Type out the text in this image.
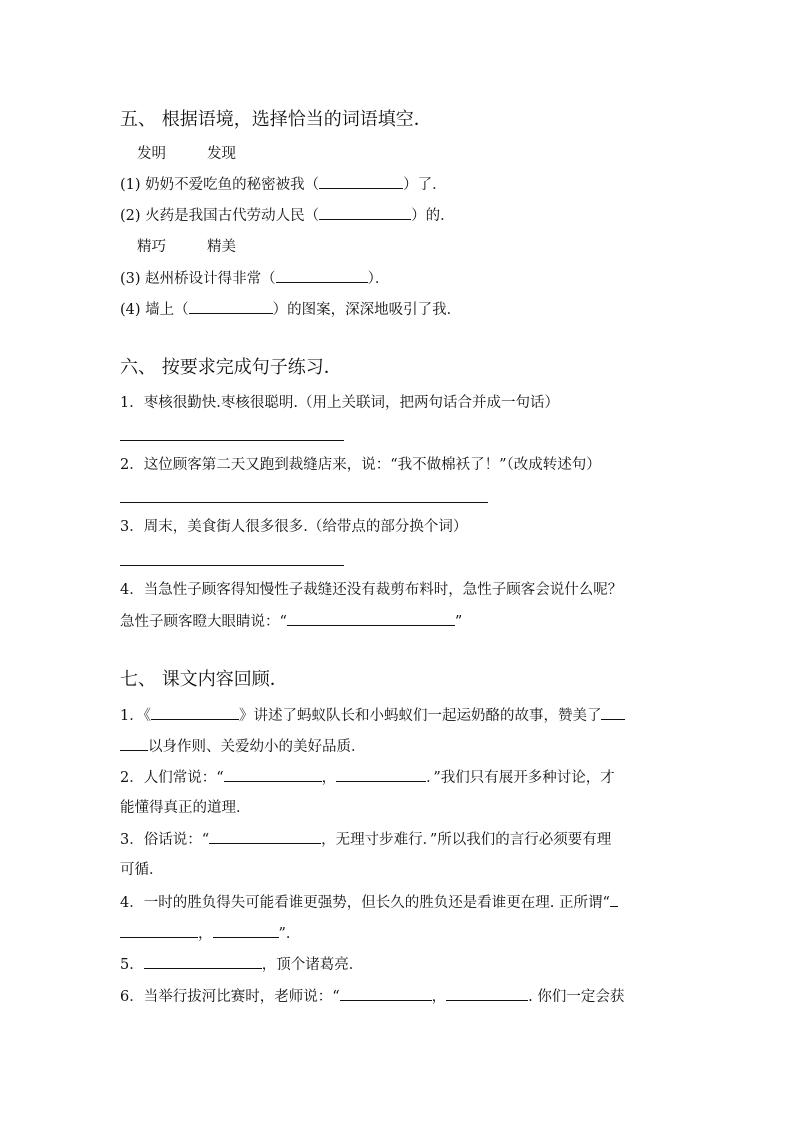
五、 根据语境，选择恰当的词语填空．
发明	发现
(1) 奶奶不爱吃鱼的秘密被我（	）了．
(2) 火药是我国古代劳动人民（	）的．
精巧	精美
(3) 赵州桥设计得非常（	）．
(4) 墙上（	）的图案，深深地吸引了我．
六、 按要求完成句子练习．
1．枣核很勤快.枣核很聪明.（用上关联词，把两句话合并成一句话）
2．这位顾客第二天又跑到裁缝店来，说：“我不做棉袄了！”（改成转述句）
3．周末，美食街人很多很多.（给带点的部分换个词）
4．当急性子顾客得知慢性子裁缝还没有裁剪布料时，急性子顾客会说什么呢？
急性子顾客瞪大眼睛说：“	”
七、 课文内容回顾．
1．《	》讲述了蚂蚁队长和小蚂蚁们一起运奶酪的故事，赞美了
以身作则、关爱幼小的美好品质．
2．人们常说：“	，	．”我们只有展开多种讨论，才
能懂得真正的道理．
3．俗话说：“	，无理寸步难行．”所以我们的言行必须要有理
可循．
4．一时的胜负得失可能看谁更强势，但长久的胜负还是看谁更在理. 正所谓“
，	”．
5．	，顶个诸葛亮．
6．当举行拔河比赛时，老师说：“	，	. 你们一定会获
